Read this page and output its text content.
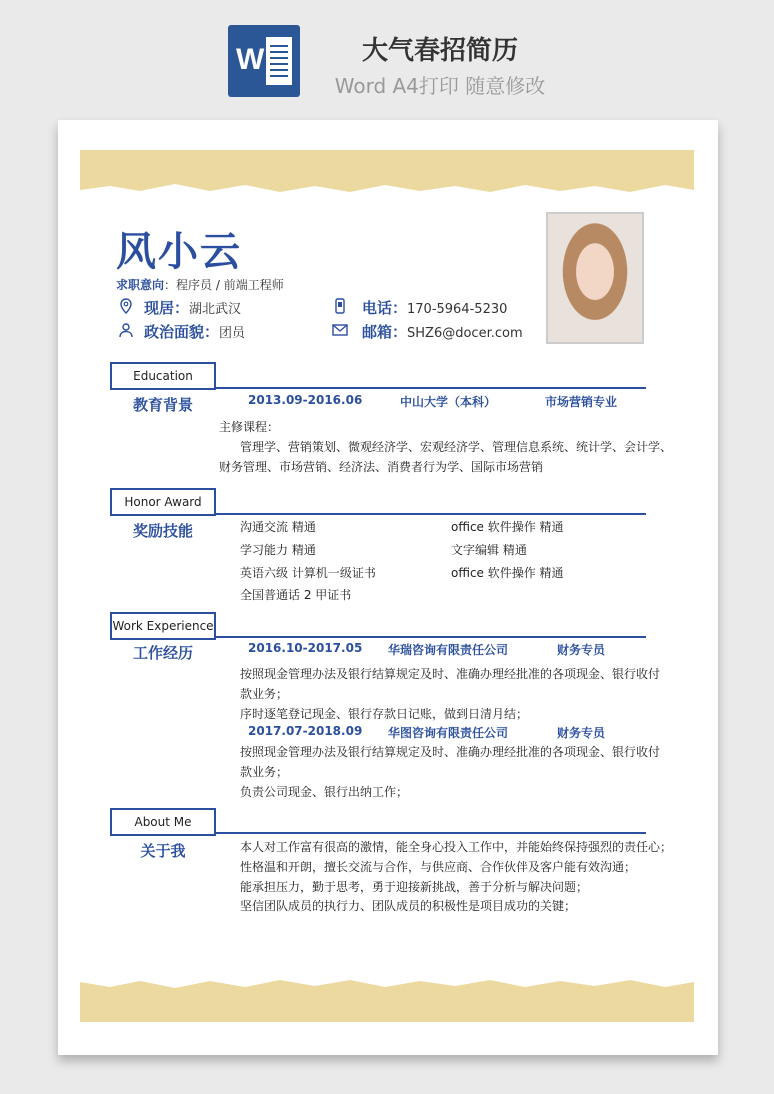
W	大气春招简历
Word A4打印 随意修改
风小云
求职意向：程序员 / 前端工程师
现居：湖北武汉
政治面貌：团员
电话：170-5964-5230
邮箱：SHZ6@docer.com
Education
教育背景	2013.09-2016.06	中山大学（本科）	市场营销专业
主修课程：
管理学、营销策划、微观经济学、宏观经济学、管理信息系统、统计学、会计学、
财务管理、市场营销、经济法、消费者行为学、国际市场营销
Honor Award
奖励技能	沟通交流 精通	office 软件操作 精通
学习能力 精通	文字编辑 精通
英语六级 计算机一级证书	office 软件操作 精通
全国普通话 2 甲证书
Work Experience
工作经历	2016.10-2017.05 华瑞咨询有限责任公司	财务专员
按照现金管理办法及银行结算规定及时、准确办理经批准的各项现金、银行收付
款业务；
序时逐笔登记现金、银行存款日记账，做到日清月结；
2017.07-2018.09 华图咨询有限责任公司	财务专员
按照现金管理办法及银行结算规定及时、准确办理经批准的各项现金、银行收付
款业务；
负责公司现金、银行出纳工作；
About Me
关于我	本人对工作富有很高的激情，能全身心投入工作中，并能始终保持强烈的责任心；
性格温和开朗，擅长交流与合作，与供应商、合作伙伴及客户能有效沟通；
能承担压力，勤于思考，勇于迎接新挑战，善于分析与解决问题；
坚信团队成员的执行力、团队成员的积极性是项目成功的关键；
